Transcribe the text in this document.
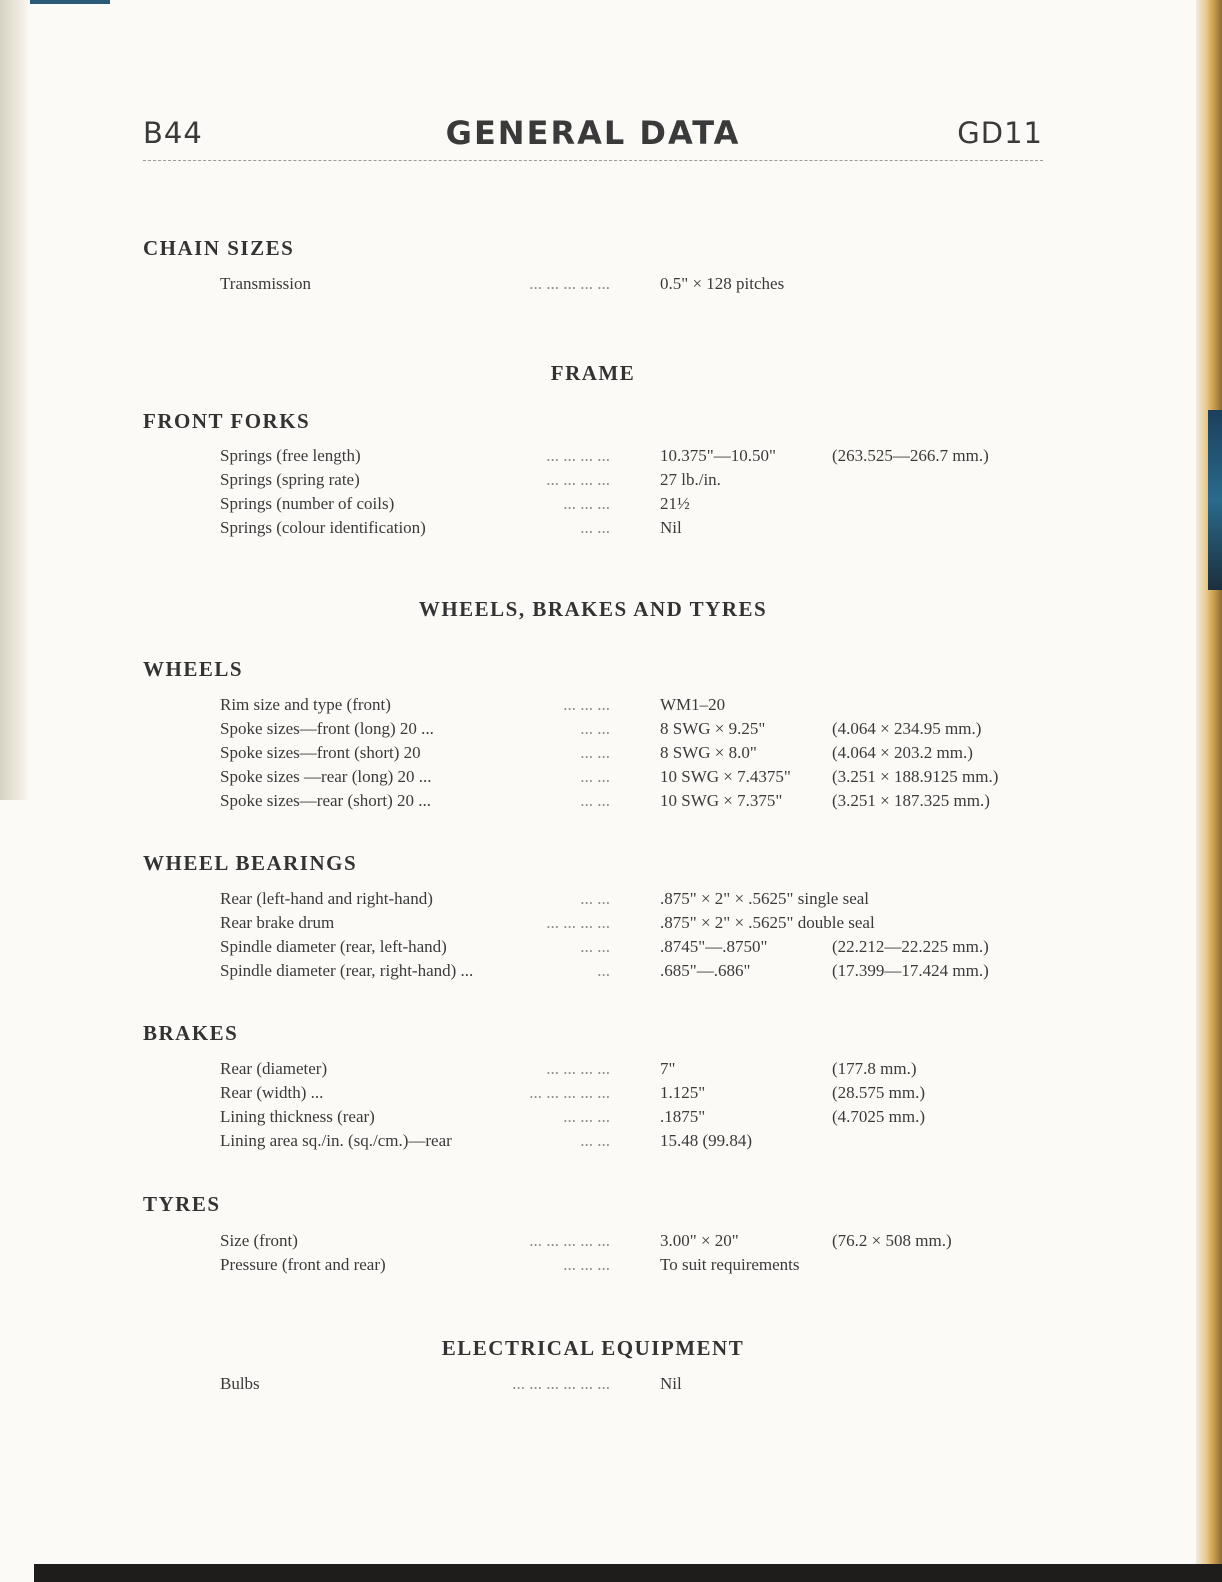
B44	GENERAL DATA	GD11
CHAIN SIZES
Transmission	... ... ... ... ...	0.5" × 128 pitches
FRAME
FRONT FORKS
Springs (free length)	... ... ... ...	10.375"—10.50"	(263.525—266.7 mm.)
Springs (spring rate)	... ... ... ...	27 lb./in.
Springs (number of coils)	... ... ...	21½
Springs (colour identification)	... ...	Nil
WHEELS, BRAKES AND TYRES
WHEELS
Rim size and type (front)	... ... ...	WM1–20
Spoke sizes—front (long) 20 ...	... ...	8 SWG × 9.25"	(4.064 × 234.95 mm.)
Spoke sizes—front (short) 20	... ...	8 SWG × 8.0"	(4.064 × 203.2 mm.)
Spoke sizes —rear (long) 20 ...	... ...	10 SWG × 7.4375" (3.251 × 188.9125 mm.)
Spoke sizes—rear (short) 20 ...	... ...	10 SWG × 7.375"	(3.251 × 187.325 mm.)
WHEEL BEARINGS
Rear (left-hand and right-hand)	... ...	.875" × 2" × .5625" single seal
Rear brake drum	... ... ... ...	.875" × 2" × .5625" double seal
Spindle diameter (rear, left-hand)	... ...	.8745"—.8750"	(22.212—22.225 mm.)
Spindle diameter (rear, right-hand) ...	...	.685"—.686"	(17.399—17.424 mm.)
BRAKES
Rear (diameter)	... ... ... ...	7"	(177.8 mm.)
Rear (width) ...	... ... ... ... ...	1.125"	(28.575 mm.)
Lining thickness (rear)	... ... ...	.1875"	(4.7025 mm.)
Lining area sq./in. (sq./cm.)—rear	... ...	15.48 (99.84)
TYRES
Size (front)	... ... ... ... ...	3.00" × 20"	(76.2 × 508 mm.)
Pressure (front and rear)	... ... ...	To suit requirements
ELECTRICAL EQUIPMENT
Bulbs	... ... ... ... ... ...	Nil
